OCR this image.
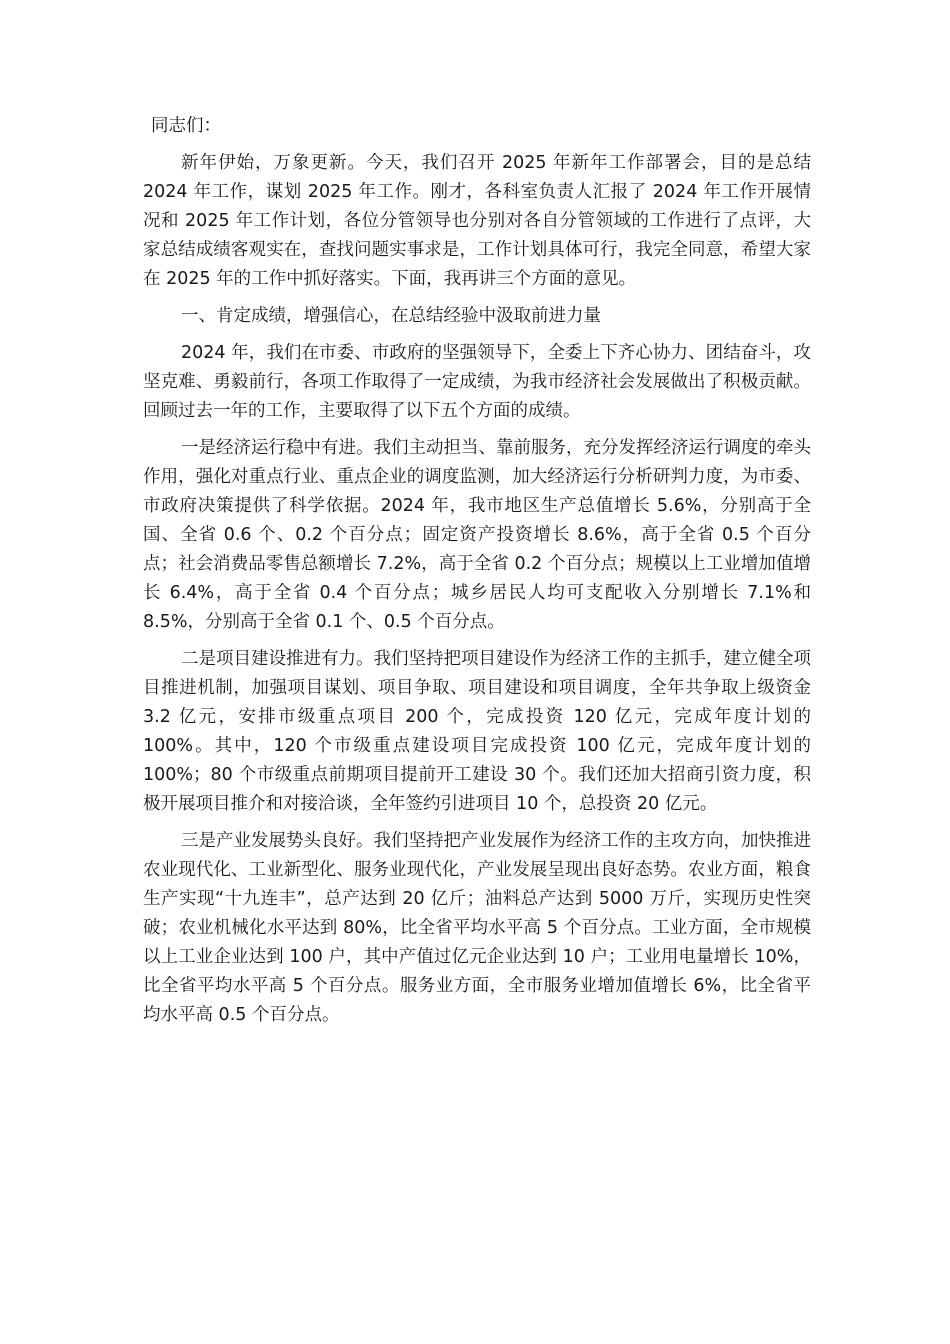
同志们：

新年伊始，万象更新。今天，我们召开 2025 年新年工作部署会，目的是总结 2024 年工作，谋划 2025 年工作。刚才，各科室负责人汇报了 2024 年工作开展情况和 2025 年工作计划，各位分管领导也分别对各自分管领域的工作进行了点评，大家总结成绩客观实在，查找问题实事求是，工作计划具体可行，我完全同意，希望大家在 2025 年的工作中抓好落实。下面，我再讲三个方面的意见。

一、肯定成绩，增强信心，在总结经验中汲取前进力量

2024 年，我们在市委、市政府的坚强领导下，全委上下齐心协力、团结奋斗，攻坚克难、勇毅前行，各项工作取得了一定成绩，为我市经济社会发展做出了积极贡献。回顾过去一年的工作，主要取得了以下五个方面的成绩。

一是经济运行稳中有进。我们主动担当、靠前服务，充分发挥经济运行调度的牵头作用，强化对重点行业、重点企业的调度监测，加大经济运行分析研判力度，为市委、市政府决策提供了科学依据。2024 年，我市地区生产总值增长 5.6%，分别高于全国、全省 0.6 个、0.2 个百分点；固定资产投资增长 8.6%，高于全省 0.5 个百分点；社会消费品零售总额增长 7.2%，高于全省 0.2 个百分点；规模以上工业增加值增长 6.4%，高于全省 0.4 个百分点；城乡居民人均可支配收入分别增长 7.1%和 8.5%，分别高于全省 0.1 个、0.5 个百分点。

二是项目建设推进有力。我们坚持把项目建设作为经济工作的主抓手，建立健全项目推进机制，加强项目谋划、项目争取、项目建设和项目调度，全年共争取上级资金 3.2 亿元，安排市级重点项目 200 个，完成投资 120 亿元，完成年度计划的 100%。其中，120 个市级重点建设项目完成投资 100 亿元，完成年度计划的 100%；80 个市级重点前期项目提前开工建设 30 个。我们还加大招商引资力度，积极开展项目推介和对接洽谈，全年签约引进项目 10 个，总投资 20 亿元。

三是产业发展势头良好。我们坚持把产业发展作为经济工作的主攻方向，加快推进农业现代化、工业新型化、服务业现代化，产业发展呈现出良好态势。农业方面，粮食生产实现“十九连丰”，总产达到 20 亿斤；油料总产达到 5000 万斤，实现历史性突破；农业机械化水平达到 80%，比全省平均水平高 5 个百分点。工业方面，全市规模以上工业企业达到 100 户，其中产值过亿元企业达到 10 户；工业用电量增长 10%，比全省平均水平高 5 个百分点。服务业方面，全市服务业增加值增长 6%，比全省平均水平高 0.5 个百分点。
